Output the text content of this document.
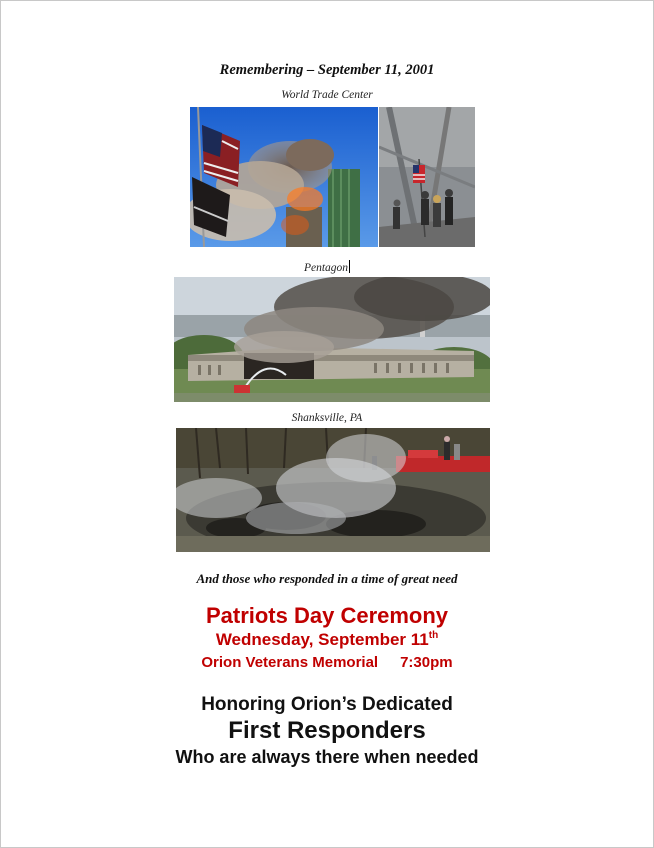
Remembering – September 11, 2001
World Trade Center
Pentagon
Shanksville, PA
And those who responded in a time of great need
Patriots Day Ceremony
Wednesday, September 11th
Orion Veterans Memorial 7:30pm
Honoring Orion’s Dedicated
First Responders
Who are always there when needed
